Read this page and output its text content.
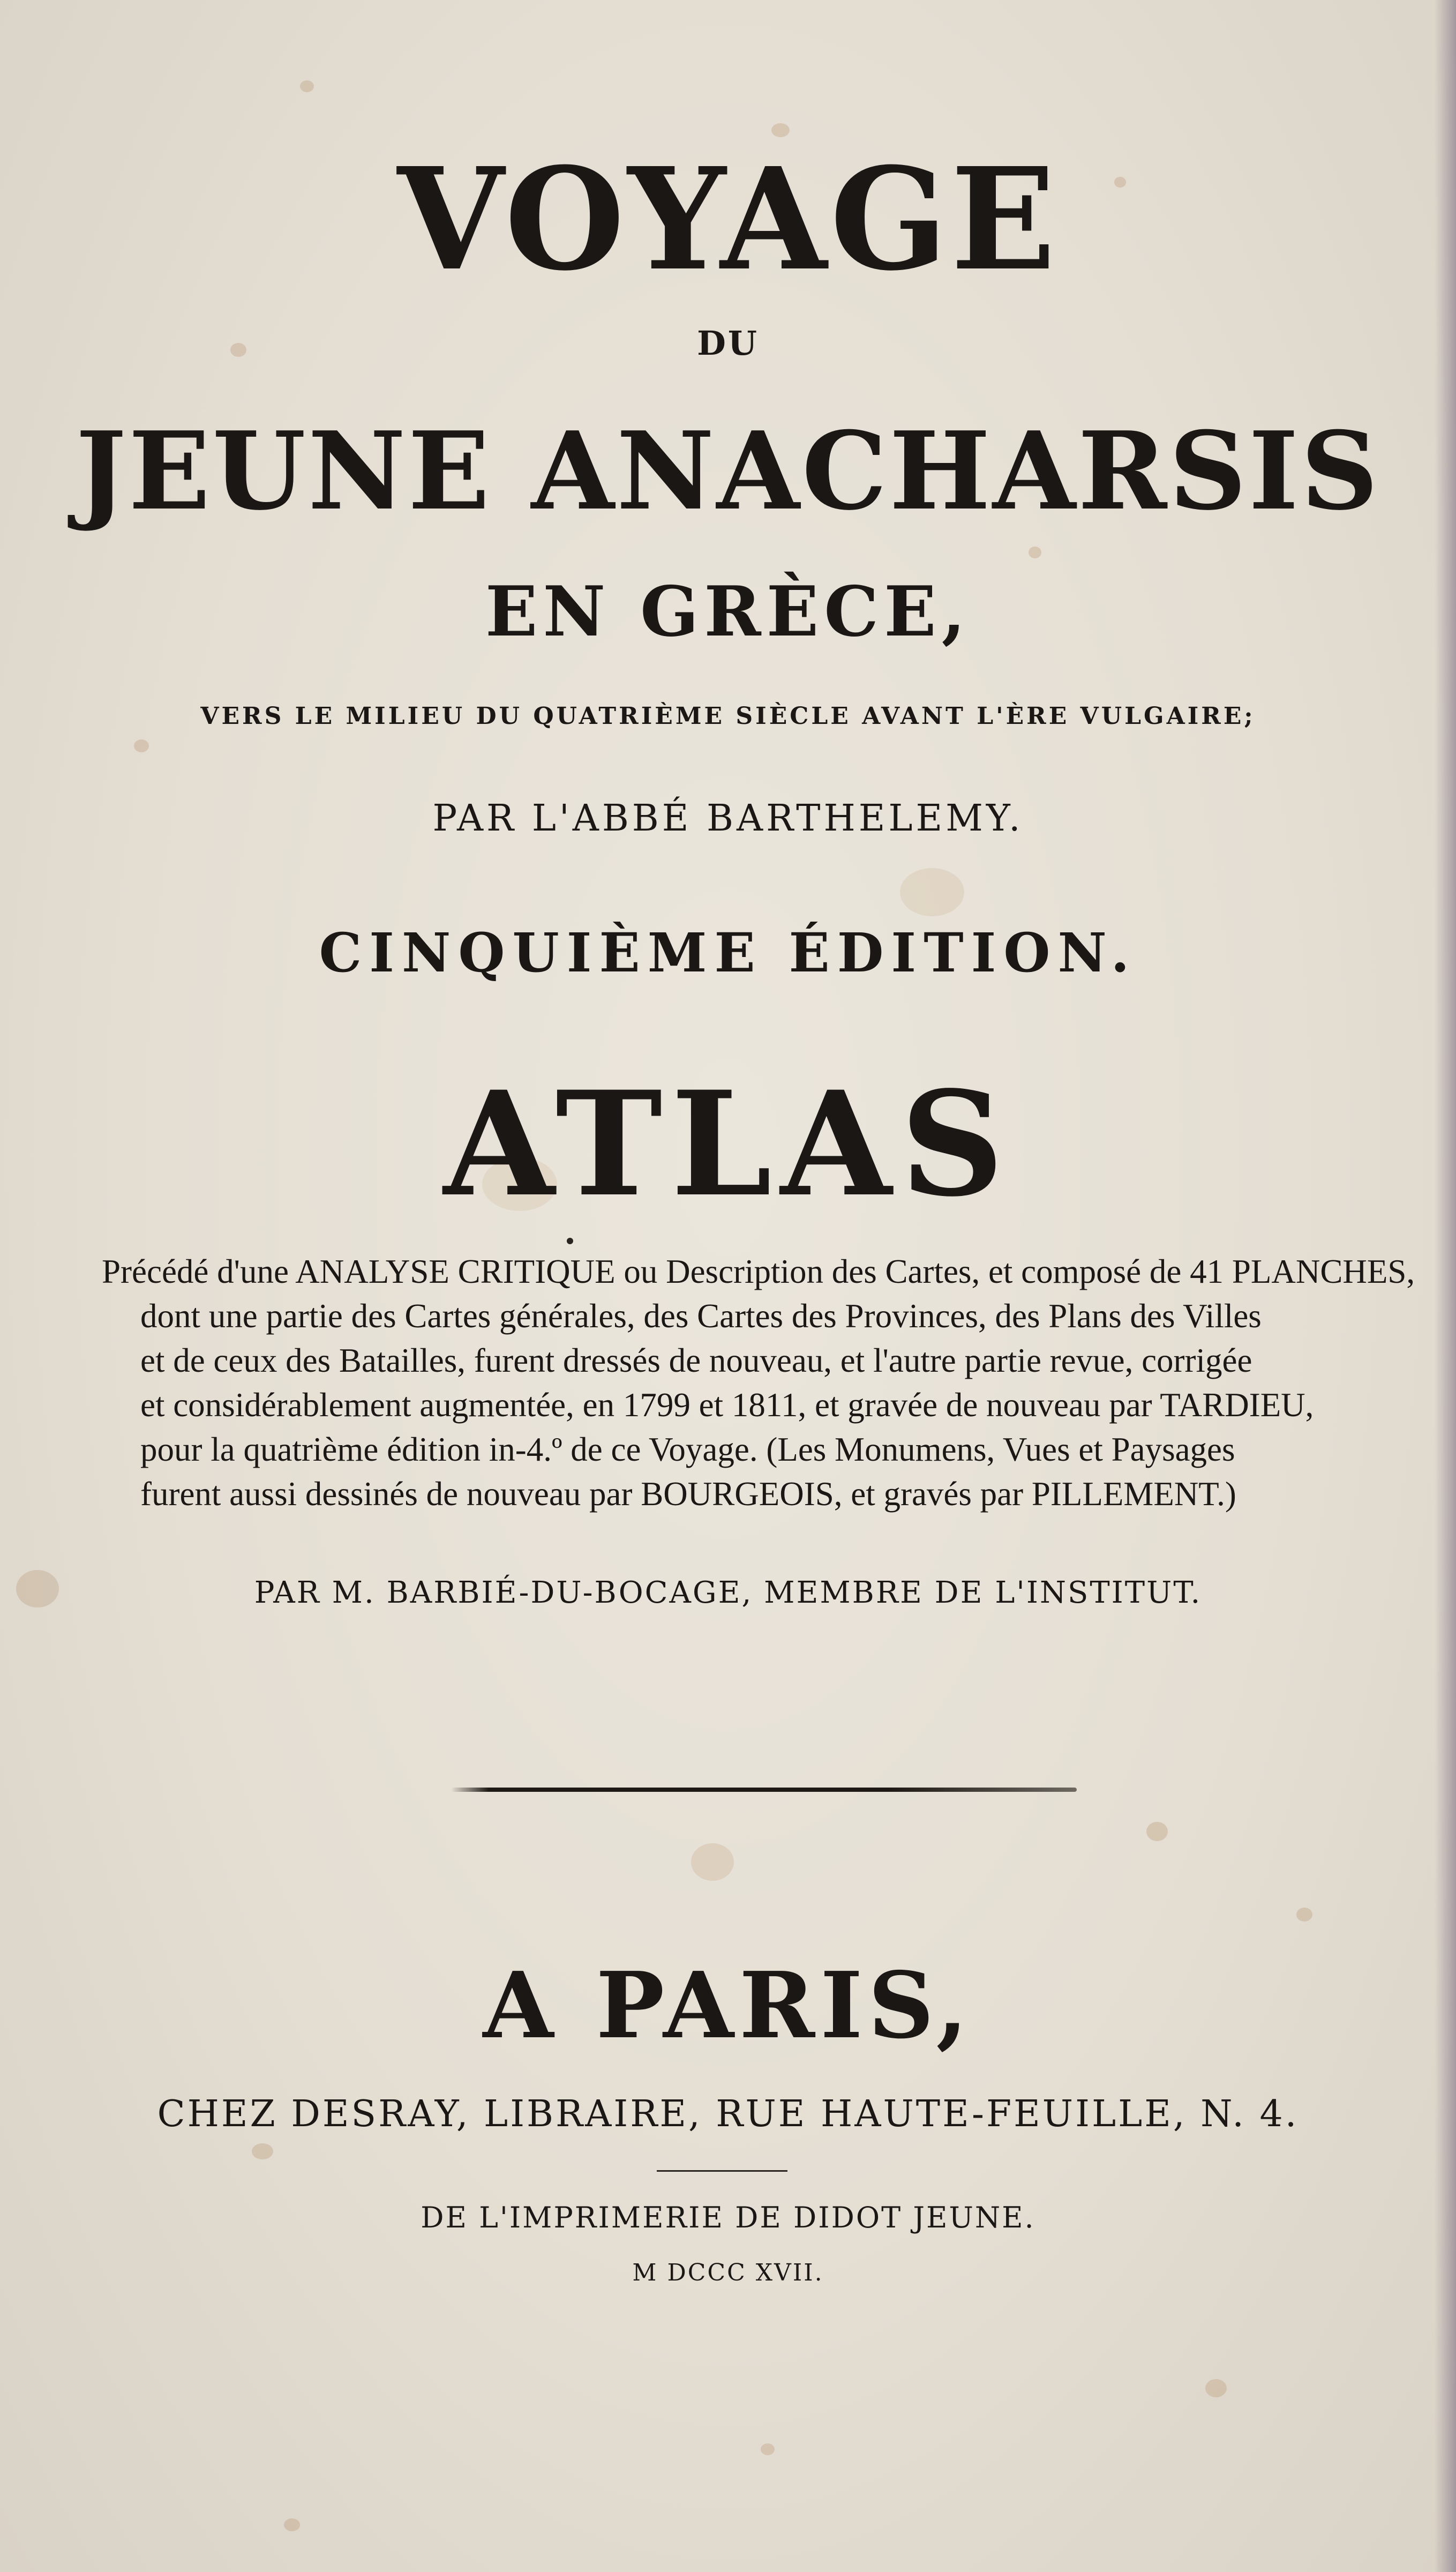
VOYAGE
DU
JEUNE ANACHARSIS
EN GRÈCE,
VERS LE MILIEU DU QUATRIÈME SIÈCLE AVANT L'ÈRE VULGAIRE;
PAR L'ABBÉ BARTHELEMY.
CINQUIÈME ÉDITION.
ATLAS
Précédé d'une ANALYSE CRITIQUE ou Description des Cartes, et composé de 41 PLANCHES,
dont une partie des Cartes générales, des Cartes des Provinces, des Plans des Villes
et de ceux des Batailles, furent dressés de nouveau, et l'autre partie revue, corrigée
et considérablement augmentée, en 1799 et 1811, et gravée de nouveau par TARDIEU,
pour la quatrième édition in-4.º de ce Voyage. (Les Monumens, Vues et Paysages
furent aussi dessinés de nouveau par BOURGEOIS, et gravés par PILLEMENT.)
PAR M. BARBIÉ-DU-BOCAGE, MEMBRE DE L'INSTITUT.
A PARIS,
CHEZ DESRAY, LIBRAIRE, RUE HAUTE-FEUILLE, N. 4.
DE L'IMPRIMERIE DE DIDOT JEUNE.
M DCCC XVII.
